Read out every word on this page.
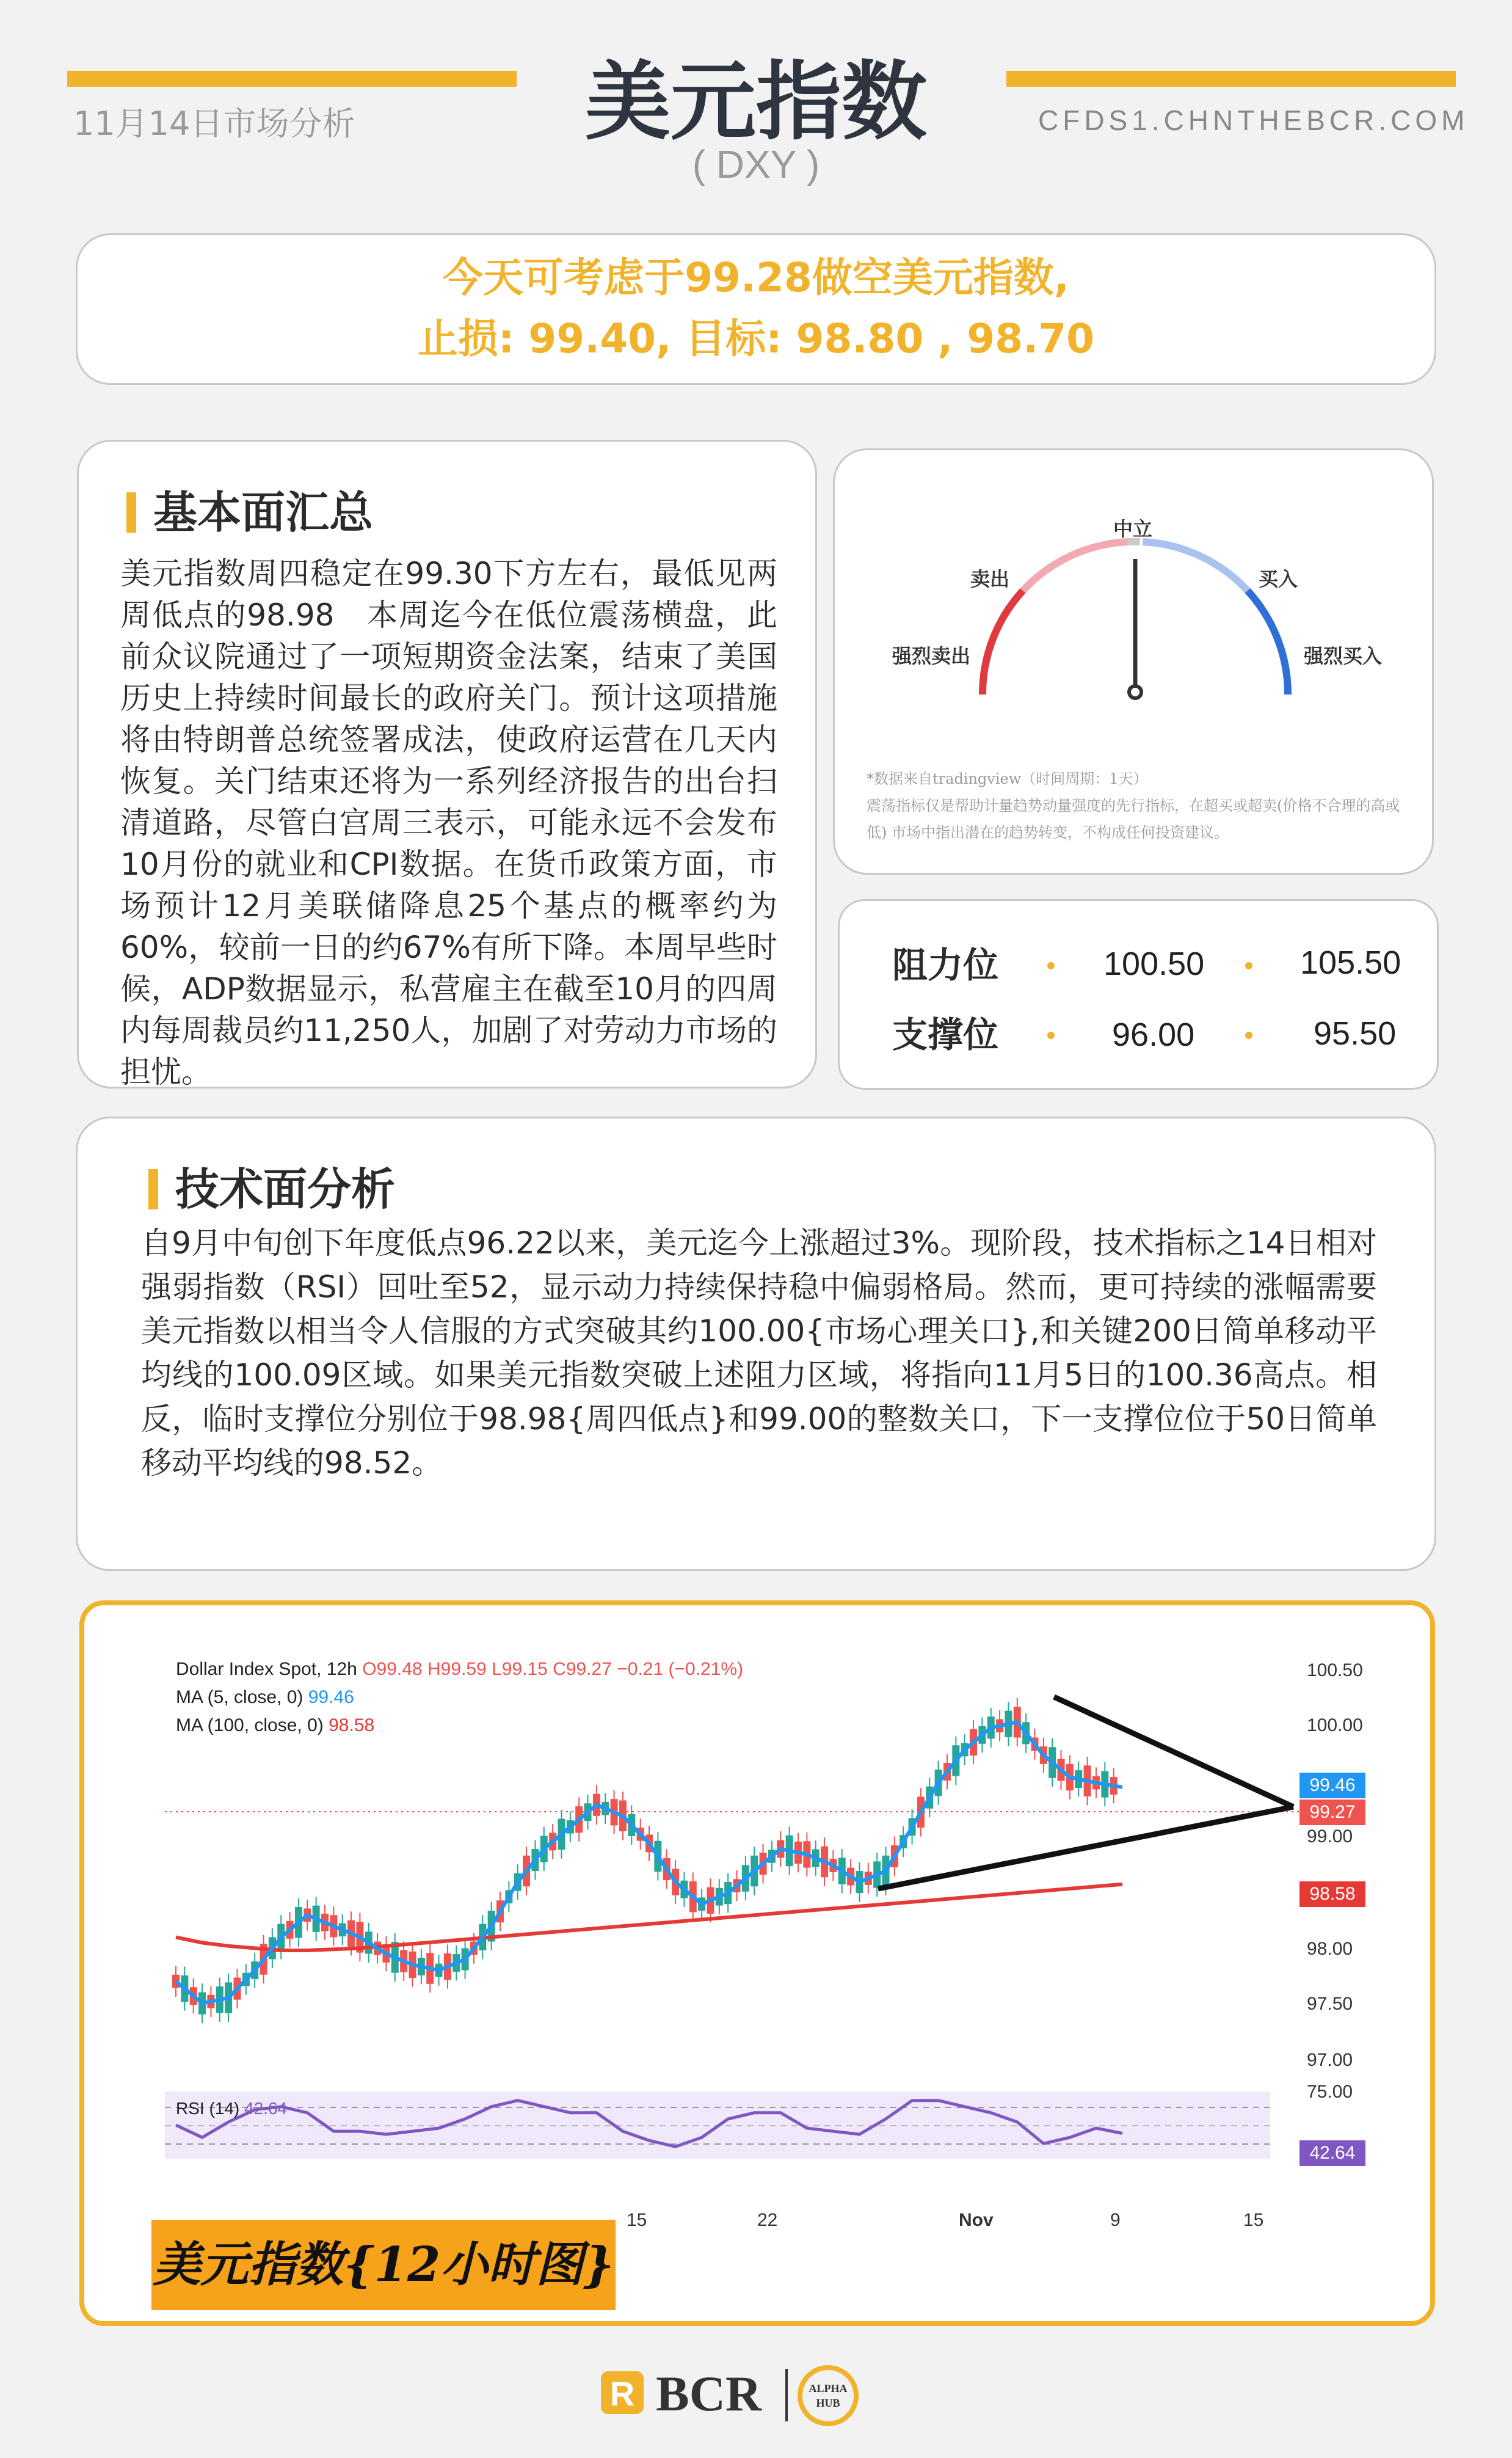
11月14日市场分析	美元指数
( DXY )
CFDS1.CHNTHEBCR.COM
今天可考虑于99.28做空美元指数,
止损: 99.40, 目标: 98.80 , 98.70
基本面汇总
美元指数周四稳定在99.30下方左右，最低见两周低点的98.98　本周迄今在低位震荡横盘，此前众议院通过了一项短期资金法案，结束了美国历史上持续时间最长的政府关门。预计这项措施将由特朗普总统签署成法，使政府运营在几天内恢复。关门结束还将为一系列经济报告的出台扫清道路，尽管白宫周三表示，可能永远不会发布10月份的就业和CPI数据。在货币政策方面，市场预计12月美联储降息25个基点的概率约为60%，较前一日的约67%有所下降。本周早些时候，ADP数据显示，私营雇主在截至10月的四周内每周裁员约11,250人，加剧了对劳动力市场的担忧。
中立
卖出	买入
强烈卖出	强烈买入
*数据来自tradingview（时间周期：1天）
震荡指标仅是帮助计量趋势动量强度的先行指标，在超买或超卖(价格不合理的高或低) 市场中指出潜在的趋势转变，不构成任何投资建议。
阻力位	100.50	105.50
支撑位	96.00	95.50
技术面分析
自9月中旬创下年度低点96.22以来，美元迄今上涨超过3%。现阶段，技术指标之14日相对强弱指数（RSI）回吐至52，显示动力持续保持稳中偏弱格局。然而，更可持续的涨幅需要美元指数以相当令人信服的方式突破其约100.00{市场心理关口},和关键200日简单移动平均线的100.09区域。如果美元指数突破上述阻力区域，将指向11月5日的100.36高点。相反，临时支撑位分别位于98.98{周四低点}和99.00的整数关口，下一支撑位位于50日简单移动平均线的98.52。
Dollar Index Spot, 12h O99.48 H99.59 L99.15 C99.27 −0.21 (−0.21%)
MA (5, close, 0) 99.46
MA (100, close, 0) 98.58
RSI (14) 42.64
100.50
100.00
99.00
98.00
97.50
97.00
75.00
99.46
99.27
98.58
42.64
15	22	Nov	9	15
美元指数{12小时图}
R BCR	ALPHA
HUB
